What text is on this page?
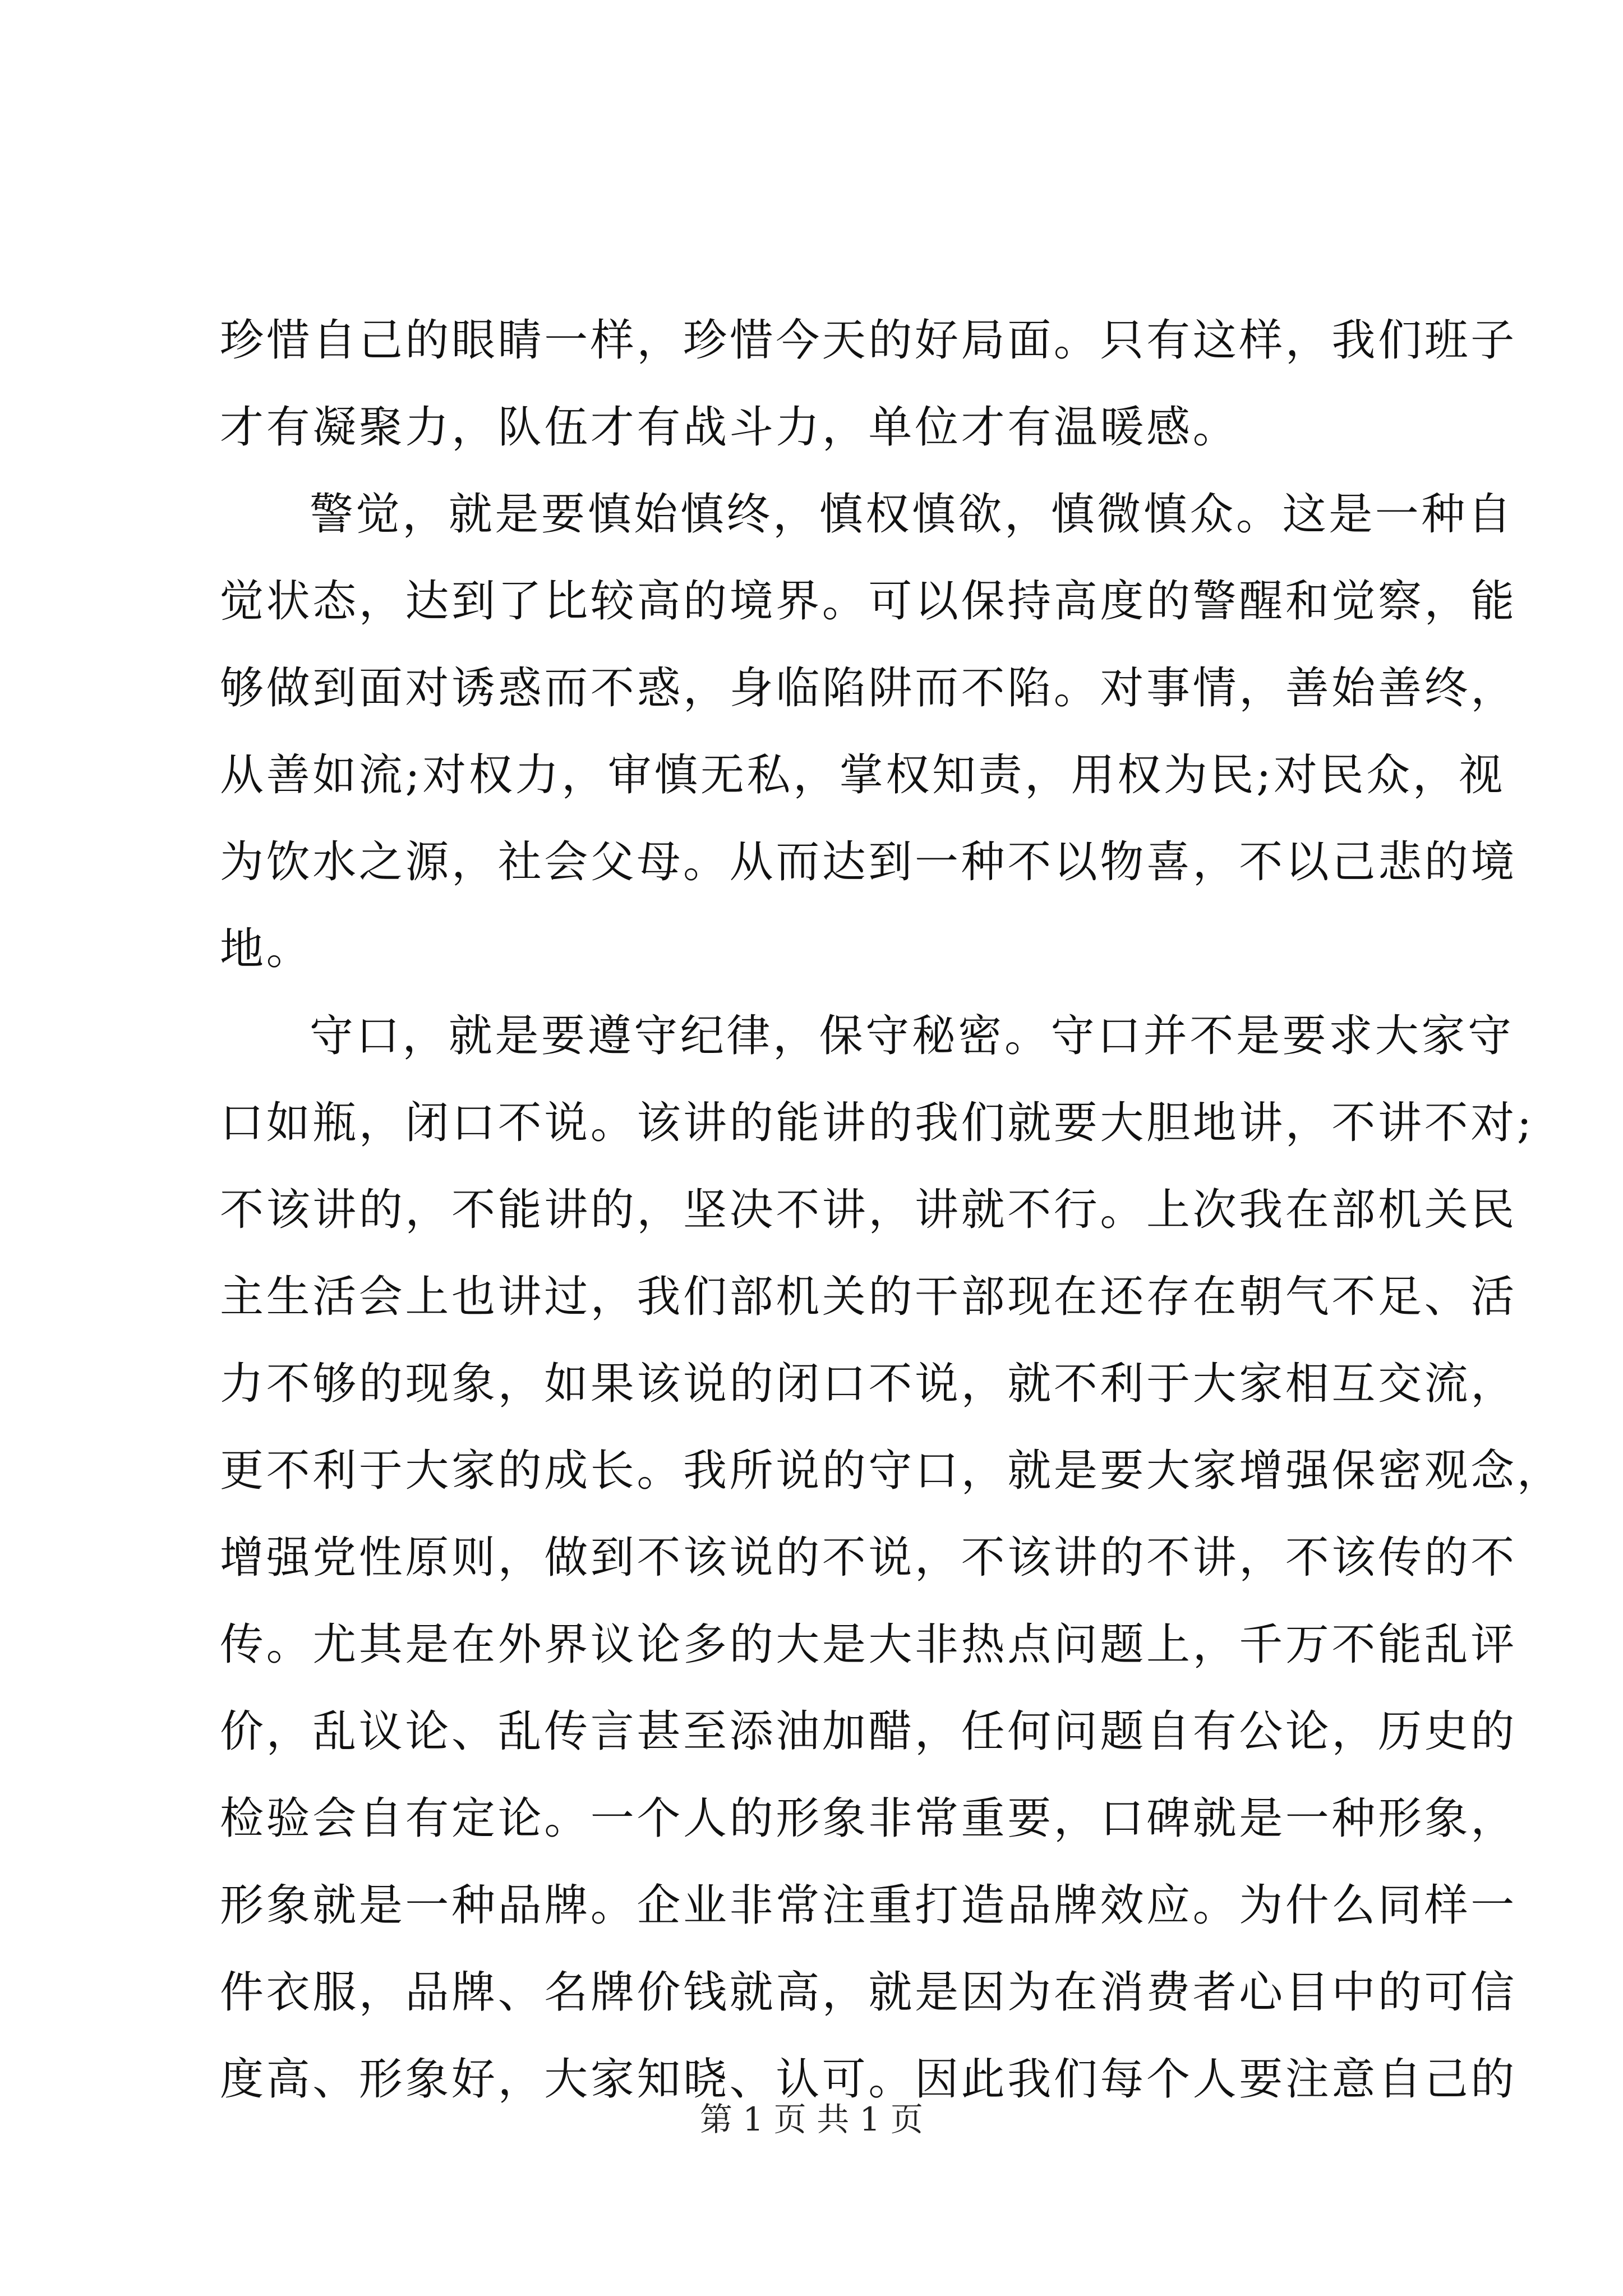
珍惜自己的眼睛一样，珍惜今天的好局面。只有这样，我们班子
才有凝聚力，队伍才有战斗力，单位才有温暖感。
警觉，就是要慎始慎终，慎权慎欲，慎微慎众。这是一种自
觉状态，达到了比较高的境界。可以保持高度的警醒和觉察，能
够做到面对诱惑而不惑，身临陷阱而不陷。对事情，善始善终，
从善如流;对权力，审慎无私，掌权知责，用权为民;对民众，视
为饮水之源，社会父母。从而达到一种不以物喜，不以己悲的境
地。
守口，就是要遵守纪律，保守秘密。守口并不是要求大家守
口如瓶，闭口不说。该讲的能讲的我们就要大胆地讲，不讲不对;
不该讲的，不能讲的，坚决不讲，讲就不行。上次我在部机关民
主生活会上也讲过，我们部机关的干部现在还存在朝气不足、活
力不够的现象，如果该说的闭口不说，就不利于大家相互交流，
更不利于大家的成长。我所说的守口，就是要大家增强保密观念，
增强党性原则，做到不该说的不说，不该讲的不讲，不该传的不
传。尤其是在外界议论多的大是大非热点问题上，千万不能乱评
价，乱议论、乱传言甚至添油加醋，任何问题自有公论，历史的
检验会自有定论。一个人的形象非常重要，口碑就是一种形象，
形象就是一种品牌。企业非常注重打造品牌效应。为什么同样一
件衣服，品牌、名牌价钱就高，就是因为在消费者心目中的可信
度高、形象好，大家知晓、认可。因此我们每个人要注意自己的
第 1 页 共 1 页
